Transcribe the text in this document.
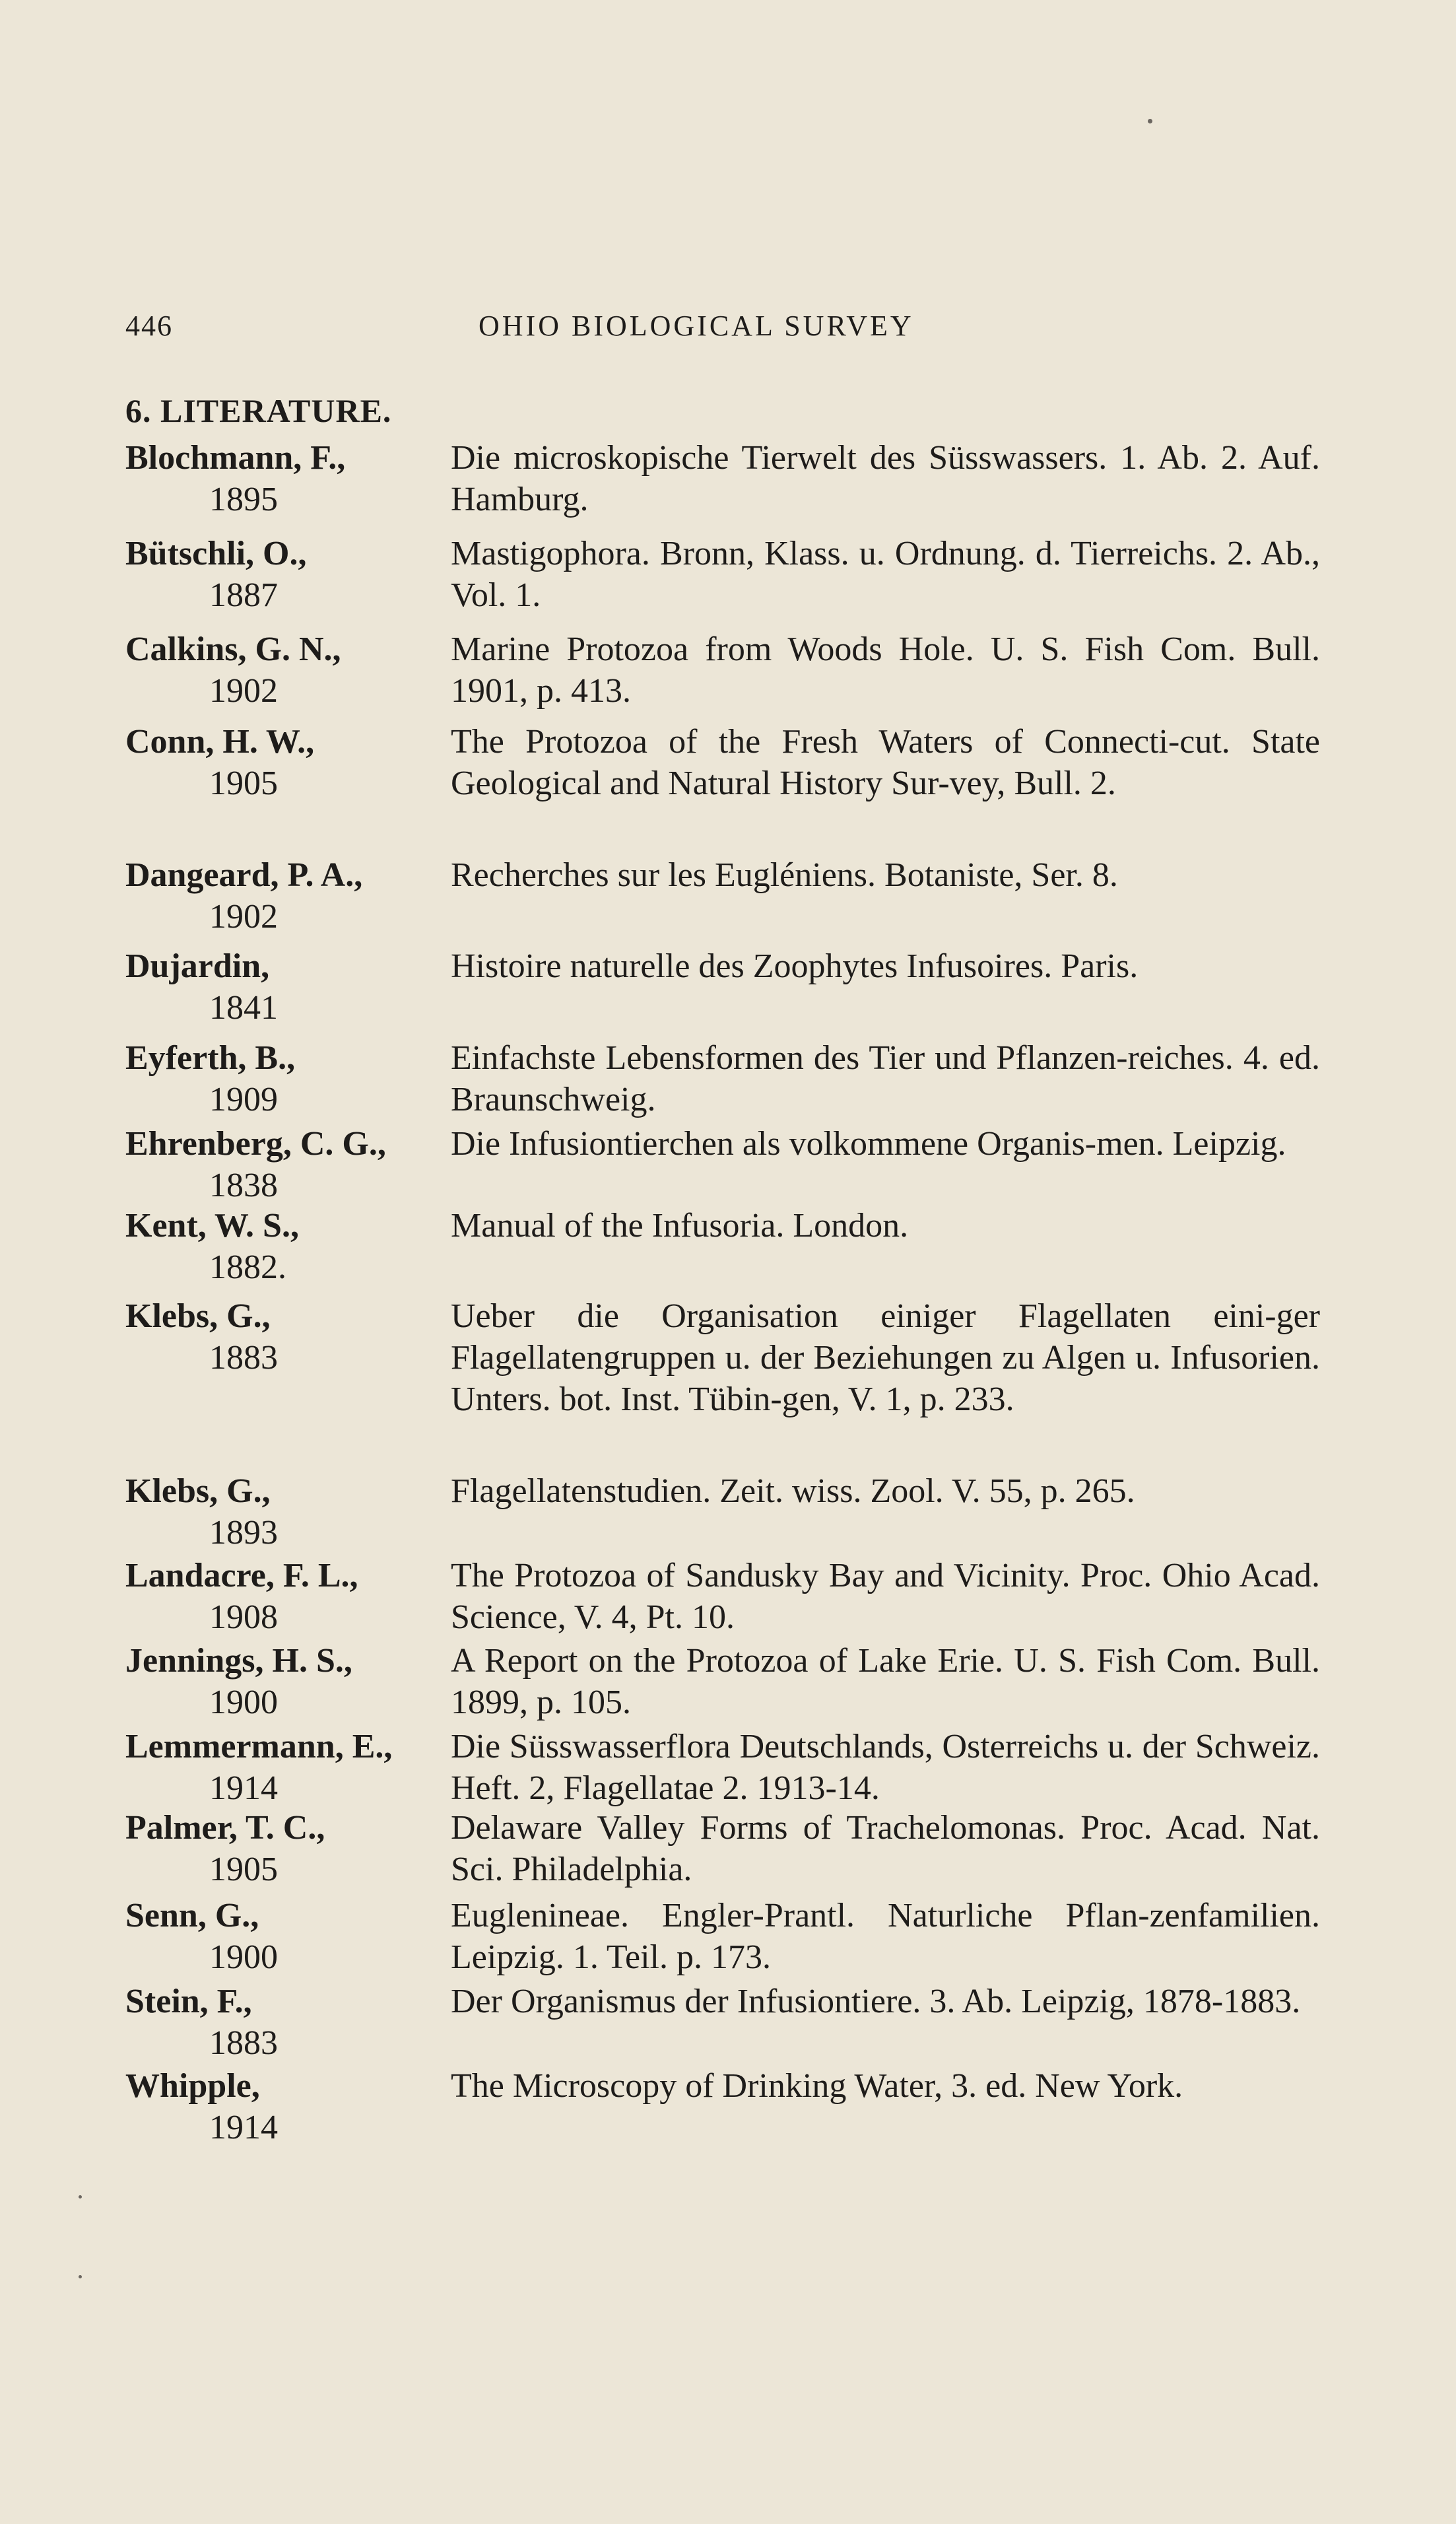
446	OHIO BIOLOGICAL SURVEY
6. LITERATURE.
Blochmann, F.,
1895
Die microskopische Tierwelt des Süsswassers. 1. Ab. 2. Auf. Hamburg.
Bütschli, O.,
1887
Mastigophora. Bronn, Klass. u. Ordnung. d. Tierreichs. 2. Ab., Vol. 1.
Calkins, G. N.,
1902
Marine Protozoa from Woods Hole. U. S. Fish Com. Bull. 1901, p. 413.
Conn, H. W.,
1905
The Protozoa of the Fresh Waters of Connecti-cut. State Geological and Natural History Sur-vey, Bull. 2.
Dangeard, P. A.,
1902
Recherches sur les Eugléniens. Botaniste, Ser. 8.
Dujardin,
1841
Histoire naturelle des Zoophytes Infusoires. Paris.
Eyferth, B.,
1909
Einfachste Lebensformen des Tier und Pflanzen-reiches. 4. ed. Braunschweig.
Ehrenberg, C. G.,
1838
Die Infusiontierchen als volkommene Organis-men. Leipzig.
Kent, W. S.,
1882.
Manual of the Infusoria. London.
Klebs, G.,
1883
Ueber die Organisation einiger Flagellaten eini-ger Flagellatengruppen u. der Beziehungen zu Algen u. Infusorien. Unters. bot. Inst. Tübin-gen, V. 1, p. 233.
Klebs, G.,
1893
Flagellatenstudien. Zeit. wiss. Zool. V. 55, p. 265.
Landacre, F. L.,
1908
The Protozoa of Sandusky Bay and Vicinity. Proc. Ohio Acad. Science, V. 4, Pt. 10.
Jennings, H. S.,
1900
A Report on the Protozoa of Lake Erie. U. S. Fish Com. Bull. 1899, p. 105.
Lemmermann, E.,
1914
Die Süsswasserflora Deutschlands, Osterreichs u. der Schweiz. Heft. 2, Flagellatae 2. 1913-14.
Palmer, T. C.,
1905
Delaware Valley Forms of Trachelomonas. Proc. Acad. Nat. Sci. Philadelphia.
Senn, G.,
1900
Euglenineae. Engler-Prantl. Naturliche Pflan-zenfamilien. Leipzig. 1. Teil. p. 173.
Stein, F.,
1883
Der Organismus der Infusiontiere. 3. Ab. Leipzig, 1878-1883.
Whipple,
1914
The Microscopy of Drinking Water, 3. ed. New York.
